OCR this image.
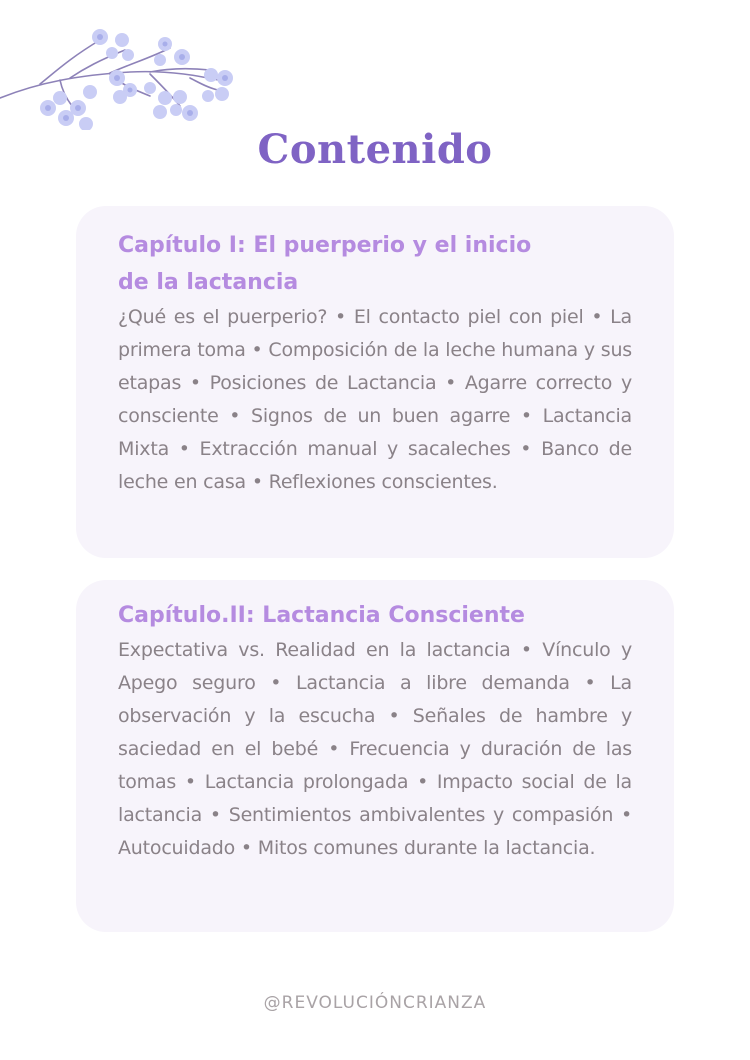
Contenido
Capítulo I: El puerperio y el inicio de la lactancia

¿Qué es el puerperio? • El contacto piel con piel • La primera toma • Composición de la leche humana y sus etapas • Posiciones de Lactancia • Agarre correcto y consciente • Signos de un buen agarre • Lactancia Mixta • Extracción manual y sacaleches • Banco de leche en casa • Reflexiones conscientes.

Capítulo.II: Lactancia Consciente

Expectativa vs. Realidad en la lactancia • Vínculo y Apego seguro • Lactancia a libre demanda • La observación y la escucha • Señales de hambre y saciedad en el bebé • Frecuencia y duración de las tomas • Lactancia prolongada • Impacto social de la lactancia • Sentimientos ambivalentes y compasión • Autocuidado • Mitos comunes durante la lactancia.

@REVOLUCIÓNCRIANZA
